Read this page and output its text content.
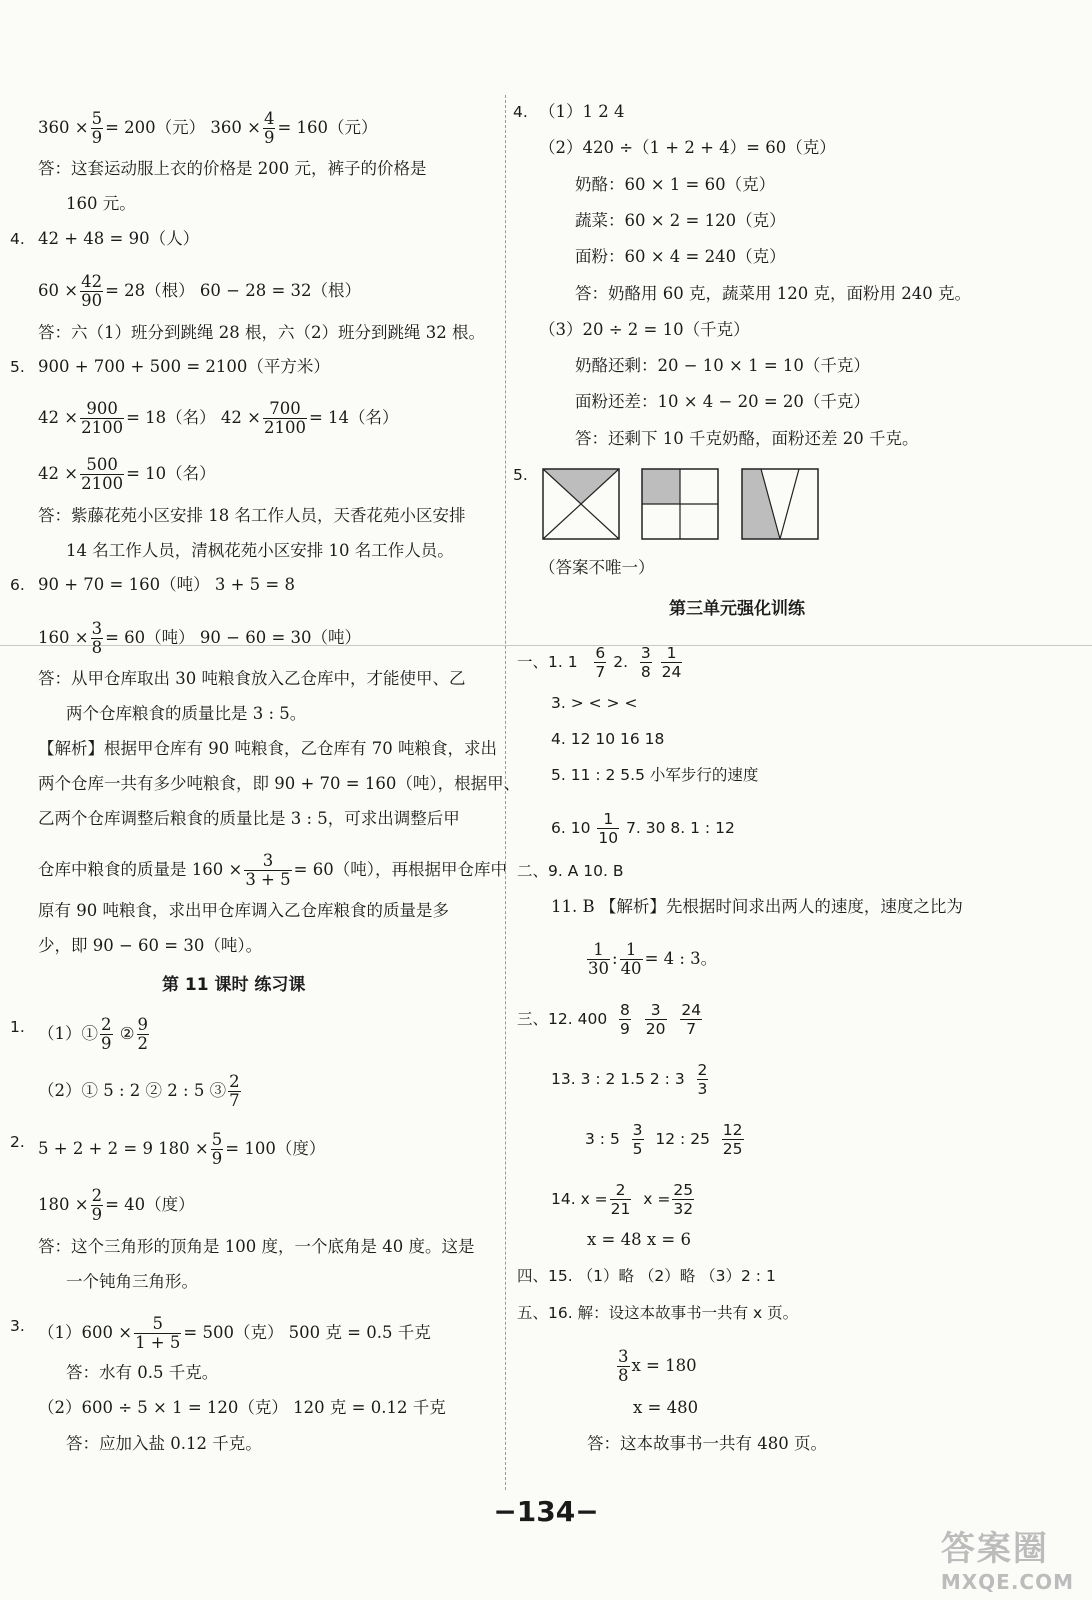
$360 \times \frac{5}{9} = 200$（元） $360 \times \frac{4}{9} = 160$（元）
答：这套运动服上衣的价格是 200 元，裤子的价格是
160 元。
4. 42 + 48 = 90（人）
$60 \times \frac{42}{90} = 28$（根） 60 − 28 = 32（根）
答：六（1）班分到跳绳 28 根，六（2）班分到跳绳 32 根。
5. 900 + 700 + 500 = 2100（平方米）
$42 \times \frac{900}{2100} = 18$（名） $42 \times \frac{700}{2100} = 14$（名）
$42 \times \frac{500}{2100} = 10$（名）
答：紫藤花苑小区安排 18 名工作人员，天香花苑小区安排
14 名工作人员，清枫花苑小区安排 10 名工作人员。
6. 90 + 70 = 160（吨） 3 + 5 = 8
$160 \times \frac{3}{8} = 60$（吨） 90 − 60 = 30（吨）
答：从甲仓库取出 30 吨粮食放入乙仓库中，才能使甲、乙
两个仓库粮食的质量比是 3 : 5。
【解析】根据甲仓库有 90 吨粮食，乙仓库有 70 吨粮食，求出
两个仓库一共有多少吨粮食，即 90 + 70 = 160（吨），根据甲、
乙两个仓库调整后粮食的质量比是 3 : 5，可求出调整后甲
仓库中粮食的质量是 $160 \times \frac{3}{3 + 5} = 60$（吨），再根据甲仓库中
原有 90 吨粮食，求出甲仓库调入乙仓库粮食的质量是多
少，即 90 − 60 = 30（吨）。
第 11 课时 练习课
1. （1）① $\frac{2}{9}$ ② $\frac{9}{2}$
（2）① 5 : 2 ② 2 : 5 ③ $\frac{2}{7}$
2. 5 + 2 + 2 = 9 $180 \times \frac{5}{9} = 100$（度）
$180 \times \frac{2}{9} = 40$（度）
答：这个三角形的顶角是 100 度，一个底角是 40 度。这是
一个钝角三角形。
3. $(1)600 \times \frac{5}{1 + 5} = 500$（克） 500 克 = 0.5 千克
答：水有 0.5 千克。
（2）600 ÷ 5 × 1 = 120（克） 120 克 = 0.12 千克
答：应加入盐 0.12 千克。
4. （1）1 2 4
（2）420 ÷（1 + 2 + 4）= 60（克）
奶酪：60 × 1 = 60（克）
蔬菜：60 × 2 = 120（克）
面粉：60 × 4 = 240（克）
答：奶酪用 60 克，蔬菜用 120 克，面粉用 240 克。
（3）20 ÷ 2 = 10（千克）
奶酪还剩：20 − 10 × 1 = 10（千克）
面粉还差：10 × 4 − 20 = 20（千克）
答：还剩下 10 千克奶酪，面粉还差 20 千克。
5.
（答案不唯一）
第三单元强化训练
一、1. $1 \frac{6}{7} 2$. $\frac{3}{8}$
$\frac{1}{24}$
3. > < > <
4. 12 10 16 18
5. 11 : 2 5.5 小军步行的速度
6. $10 \frac{1}{10} 7$. 30 8. 1 : 12
二、9. A 10. B
11. B 【解析】先根据时间求出两人的速度，速度之比为
$\frac{1}{30}$ : $\frac{1}{40} = 4$ : 3。
三、12. $400 \frac{8}{9}$
$\frac{3}{20}$
$\frac{24}{7}$
13. 3 : 2 1.5 2 : $3 \frac{2}{3}$
3 : $5 \frac{3}{5} 12$ : $25 \frac{12}{25}$
14. $x = \frac{2}{21}$ $x = \frac{25}{32}$
x = 48 x = 6
四、15. （1）略 （2）略 （3）2 : 1
五、16. 解：设这本故事书一共有 x 页。
$\frac{3}{8}$ x = 180
x = 480
答：这本故事书一共有 480 页。
−134−
答案圈
MXQE.COM
